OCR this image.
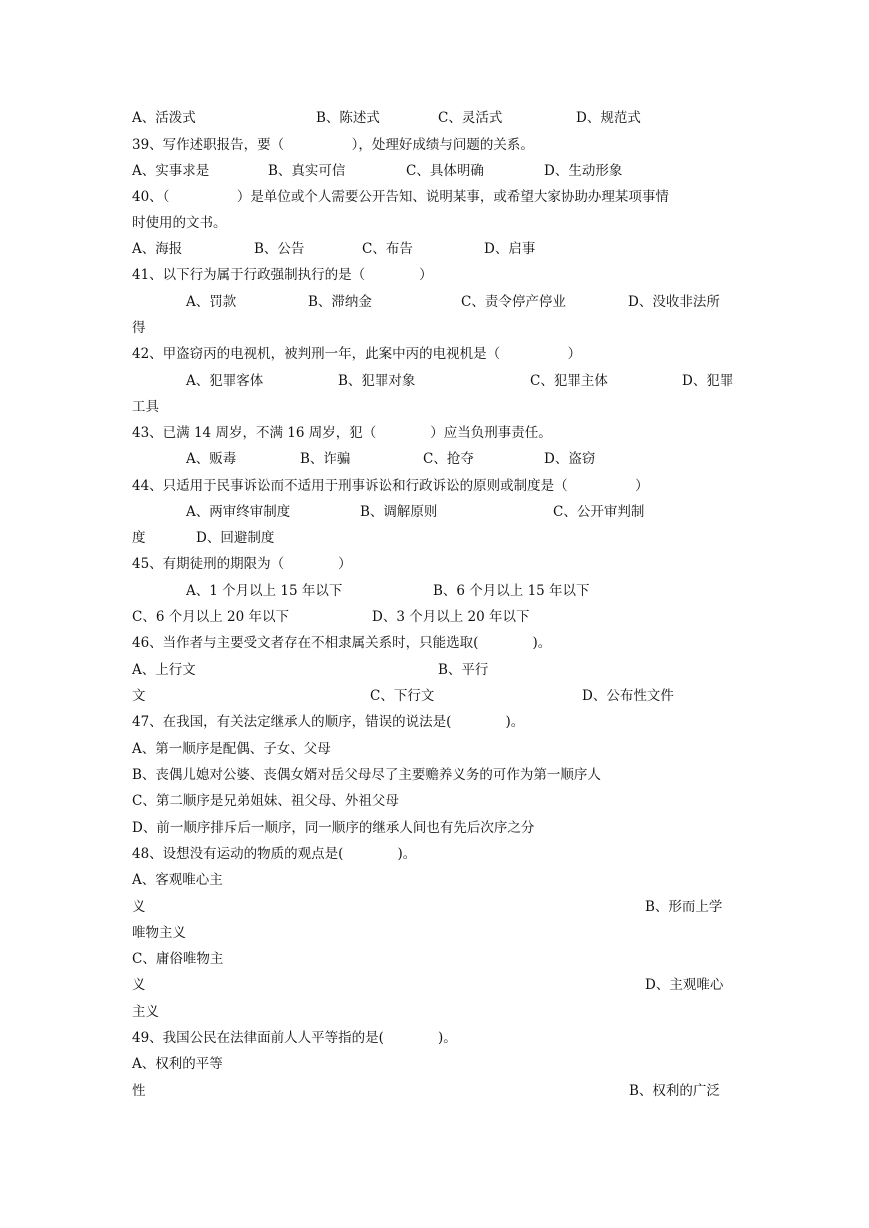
A、活泼式	B、陈述式	C、灵活式	D、规范式
39、写作述职报告，要（　　　　　），处理好成绩与问题的关系。
A、实事求是	B、真实可信	C、具体明确	D、生动形象
40、（　　　　　）是单位或个人需要公开告知、说明某事，或希望大家协助办理某项事情
时使用的文书。
A、海报	B、公告	C、布告	D、启事
41、以下行为属于行政强制执行的是（　　　　）
A、罚款	B、滞纳金	C、责令停产停业	D、没收非法所
得
42、甲盗窃丙的电视机，被判刑一年，此案中丙的电视机是（　　　　　）
A、犯罪客体	B、犯罪对象	C、犯罪主体	D、犯罪
工具
43、已满 14 周岁，不满 16 周岁，犯（　　　　）应当负刑事责任。
A、贩毒	B、诈骗	C、抢夺	D、盗窃
44、只适用于民事诉讼而不适用于刑事诉讼和行政诉讼的原则或制度是（　　　　　）
A、两审终审制度	B、调解原则	C、公开审判制
度	D、回避制度
45、有期徒刑的期限为（　　　　）
A、1 个月以上 15 年以下	B、6 个月以上 15 年以下
C、6 个月以上 20 年以下	D、3 个月以上 20 年以下
46、当作者与主要受文者存在不相隶属关系时，只能选取(　　　　)。
A、上行文	B、平行
文	C、下行文	D、公布性文件
47、在我国，有关法定继承人的顺序，错误的说法是(　　　　)。
A、第一顺序是配偶、子女、父母
B、丧偶儿媳对公婆、丧偶女婿对岳父母尽了主要赡养义务的可作为第一顺序人
C、第二顺序是兄弟姐妹、祖父母、外祖父母
D、前一顺序排斥后一顺序，同一顺序的继承人间也有先后次序之分
48、设想没有运动的物质的观点是(　　　　)。
A、客观唯心主
义	B、形而上学
唯物主义
C、庸俗唯物主
义	D、主观唯心
主义
49、我国公民在法律面前人人平等指的是(　　　　)。
A、权利的平等
性	B、权利的广泛
